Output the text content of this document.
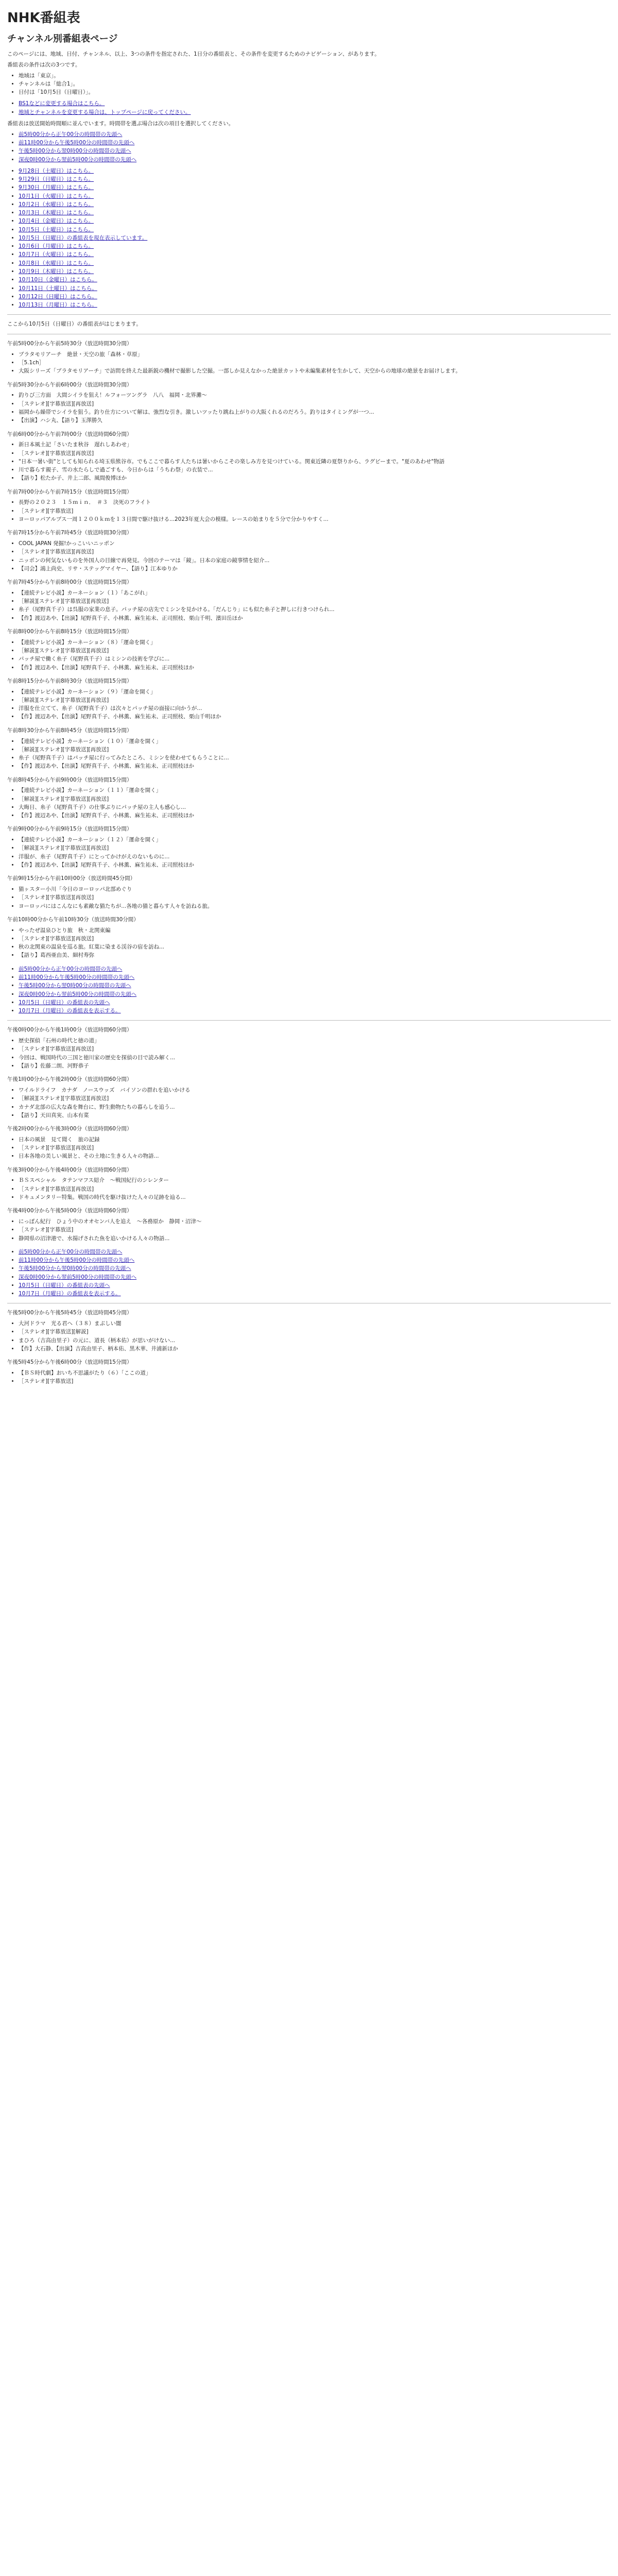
NHK番組表
チャンネル別番組表ページ

このページには、地域、日付、チャンネル、以上、3つの条件を指定された、1日分の番組表と、その条件を変更するためのナビゲーション、があります。

番組表の条件は次の3つです。

• 地域は「東京」。
• チャンネルは「総合1」。
• 日付は「10月5日（日曜日）」。
• BS1などに変更する場合はこちら。
• 地域とチャンネルを変更する場合は、トップページに戻ってください。

番組表は放送開始時間順に並んでいます。時間帯を選ぶ場合は次の項目を選択してください。

• 前5時00分から正午00分の時間帯の先頭へ
• 前11時00分から午後5時00分の時間帯の先頭へ
• 午後5時00分から翌0時00分の時間帯の先頭へ
• 深夜0時00分から翌前5時00分の時間帯の先頭へ
• 9月28日（土曜日）はこちら。
• 9月29日（日曜日）はこちら。
• 9月30日（月曜日）はこちら。
• 10月1日（火曜日）はこちら。
• 10月2日（水曜日）はこちら。
• 10月3日（木曜日）はこちら。
• 10月4日（金曜日）はこちら。
• 10月5日（土曜日）はこちら。
• 10月5日（日曜日）の番組表を現在表示しています。
• 10月6日（月曜日）はこちら。
• 10月7日（火曜日）はこちら。
• 10月8日（水曜日）はこちら。
• 10月9日（木曜日）はこちら。
• 10月10日（金曜日）はこちら。
• 10月11日（土曜日）はこちら。
• 10月12日（日曜日）はこちら。
• 10月13日（月曜日）はこちら。

ここから10月5日（日曜日）の番組表がはじまります。

午前5時00分から午前5時30分（放送時間30分間）

• ブラタモリアーチ　絶景・天空の旅「森林・草原」
• ［5.1ch］
• 大阪シリーズ「ブラタモリアーチ」で訪問を終えた最新鋭の機材で撮影した空撮。一部しか見えなかった絶景カットや未編集素材を生かして、天空からの地球の絶景をお届けします。

午前5時30分から午前6時00分（放送時間30分間）

• 釣りび三方面　大間シイラを狙え！ルフォーツングラ　八八　福岡・北界灘～
• ［ステレオ][字幕放送][再放送]
• 福岡から繰帯でシイラを狙う。釣り仕方について解は、強烈な引き。激しいツッたり跳ね上がりの大阪くれるのだろう。釣りはタイミングが一つ...
• 【出演】ハシ丸、【語り】玉澤勝久

午前6時00分から午前7時00分（放送時間60分間）

• 新日本風土記「さいたま秋谷　遅れしあわせ」
• ［ステレオ][字幕放送][再放送]
• "日本一暑い街"としても知られる埼玉県熊谷市。でもここで暮らす人たちは暑いからこその楽しみ方を見つけている。関東近隣の夏祭りから、ラグビーまで。"夏のあわせ"物語
• 川で暮らす親子、雪の水たらしで過ごすも、今日からは「うちわ祭」の衣装で...
• 【語り】松たか子、井上二郎、風間俊博ほか

午前7時00分から午前7時15分（放送時間15分間）

• 長野の２０２３　１５ｍｉｎ．　＃３　決死のフライト
• ［ステレオ][字幕放送]
• ヨーロッパアルプス一周１２００ｋｍを１３日間で駆け抜ける...2023年夏大会の模様。レースの始まりを５分で分かりやすく...

午前7時15分から午前7時45分（放送時間30分間）

• COOL JAPAN 発掘!かっこいいニッポン
• ［ステレオ][字幕放送][再放送]
• ニッポンの何気ないものを外国人の目線で再発見。今回のテーマは「鏡」。日本の家庭の鏡事情を紹介...
• 【司会】鴻上尚史、リサ・ステッグマイヤー、【語り】江本ゆりか

午前7時45分から午前8時00分（放送時間15分間）

• 【連続テレビ小説】カーネーション（１）「あこがれ」
• ［解説][ステレオ][字幕放送][再放送]
• 糸子（尾野真千子）は呉服の家業の息子。パッチ屋の店先でミシンを見かける。「だんじり」にも似た糸子と押しに行きつけられ...
• 【作】渡辺あや、【出演】尾野真千子、小林薫、麻生祐未、正司照枝、栗山千明、濱田岳ほか

午前8時00分から午前8時15分（放送時間15分間）

• 【連続テレビ小説】カーネーション（８）「運命を開く」
• ［解説][ステレオ][字幕放送][再放送]
• パッチ屋で働く糸子（尾野真千子）はミシンの技術を学びに...
• 【作】渡辺あや、【出演】尾野真千子、小林薫、麻生祐未、正司照枝ほか

午前8時15分から午前8時30分（放送時間15分間）

• 【連続テレビ小説】カーネーション（９）「運命を開く」
• ［解説][ステレオ][字幕放送][再放送]
• 洋服を仕立てて、糸子（尾野真千子）は次々とパッチ屋の面接に向かうが...
• 【作】渡辺あや、【出演】尾野真千子、小林薫、麻生祐未、正司照枝、栗山千明ほか

午前8時30分から午前8時45分（放送時間15分間）

• 【連続テレビ小説】カーネーション（１０）「運命を開く」
• ［解説][ステレオ][字幕放送][再放送]
• 糸子（尾野真千子）はパッチ屋に行ってみたところ、ミシンを使わせてもらうことに...
• 【作】渡辺あや、【出演】尾野真千子、小林薫、麻生祐未、正司照枝ほか

午前8時45分から午前9時00分（放送時間15分間）

• 【連続テレビ小説】カーネーション（１１）「運命を開く」
• ［解説][ステレオ][字幕放送][再放送]
• 大晦日、糸子（尾野真千子）の仕事ぶりにパッチ屋の主人も感心し...
• 【作】渡辺あや、【出演】尾野真千子、小林薫、麻生祐未、正司照枝ほか

午前9時00分から午前9時15分（放送時間15分間）

• 【連続テレビ小説】カーネーション（１２）「運命を開く」
• ［解説][ステレオ][字幕放送][再放送]
• 洋服が、糸子（尾野真千子）にとってかけがえのないものに...
• 【作】渡辺あや、【出演】尾野真千子、小林薫、麻生祐未、正司照枝ほか

午前9時15分から午前10時00分（放送時間45分間）

• 猫ヶスター小川「今日のヨーロッパ北部めぐり
• ［ステレオ][字幕放送][再放送]
• ヨーロッパにはこんなにも素敵な猫たちが...各地の猫と暮らす人々を訪ねる旅。

午前10時00分から午前10時30分（放送時間30分間）

• やったぜ温泉ひとり旅　秋・北関東編
• ［ステレオ][字幕放送][再放送]
• 秋の北関東の温泉を巡る旅。紅葉に染まる渓谷の宿を訪ね...
• 【語り】葛西亜由美、細村寿弥
• 前5時00分から正午00分の時間帯の先頭へ
• 前11時00分から午後5時00分の時間帯の先頭へ
• 午後5時00分から翌0時00分の時間帯の先頭へ
• 深夜0時00分から翌前5時00分の時間帯の先頭へ
• 10月5日（日曜日）の番組表の先頭へ
• 10月7日（月曜日）の番組表を表示する。

午後0時00分から午後1時00分（放送時間60分間）

• 歴史探偵「石州の時代と徳の道」
• ［ステレオ][字幕放送][再放送]
• 今回は、戦国時代の三国と徳川家の歴史を探偵の目で読み解く...
• 【語り】佐藤二朗、河野恭子

午後1時00分から午後2時00分（放送時間60分間）

• ワイルドライフ　カナダ　ノースウッズ　バイソンの群れを追いかける
• ［解説][ステレオ][字幕放送][再放送]
• カナダ北部の広大な森を舞台に、野生動物たちの暮らしを追う...
• 【語り】天田真実、山本有菜

午後2時00分から午後3時00分（放送時間60分間）

• 日本の風景　見て聞く　旅の記録
• ［ステレオ][字幕放送][再放送]
• 日本各地の美しい風景と、その土地に生きる人々の物語...

午後3時00分から午後4時00分（放送時間60分間）

• ＢＳスペシャル　タテンマフス紹介　～戦国紀行のシレンター
• ［ステレオ][字幕放送][再放送]
• ドキュメンタリー特集。戦国の時代を駆け抜けた人々の足跡を辿る...

午後4時00分から午後5時00分（放送時間60分間）

• にっぽん紀行　ひょう中のオオセンバ人を追え　～各務原か　静岡・沼津～
• ［ステレオ][字幕放送]
• 静岡県の沼津港で、水揚げされた魚を追いかける人々の物語...
• 前5時00分から正午00分の時間帯の先頭へ
• 前11時00分から午後5時00分の時間帯の先頭へ
• 午後5時00分から翌0時00分の時間帯の先頭へ
• 深夜0時00分から翌前5時00分の時間帯の先頭へ
• 10月5日（日曜日）の番組表の先頭へ
• 10月7日（月曜日）の番組表を表示する。

午後5時00分から午後5時45分（放送時間45分間）

• 大河ドラマ　光る君へ（３８）まぶしい闇
• ［ステレオ][字幕放送][解説]
• まひろ（吉高由里子）の元に、道長（柄本佑）が思いがけない...
• 【作】大石静、【出演】吉高由里子、柄本佑、黒木華、井浦新ほか

午後5時45分から午後6時00分（放送時間15分間）

• 【ＢＳ時代劇】おいち不思議がたり（６）「ここの道」
• ［ステレオ][字幕放送]
